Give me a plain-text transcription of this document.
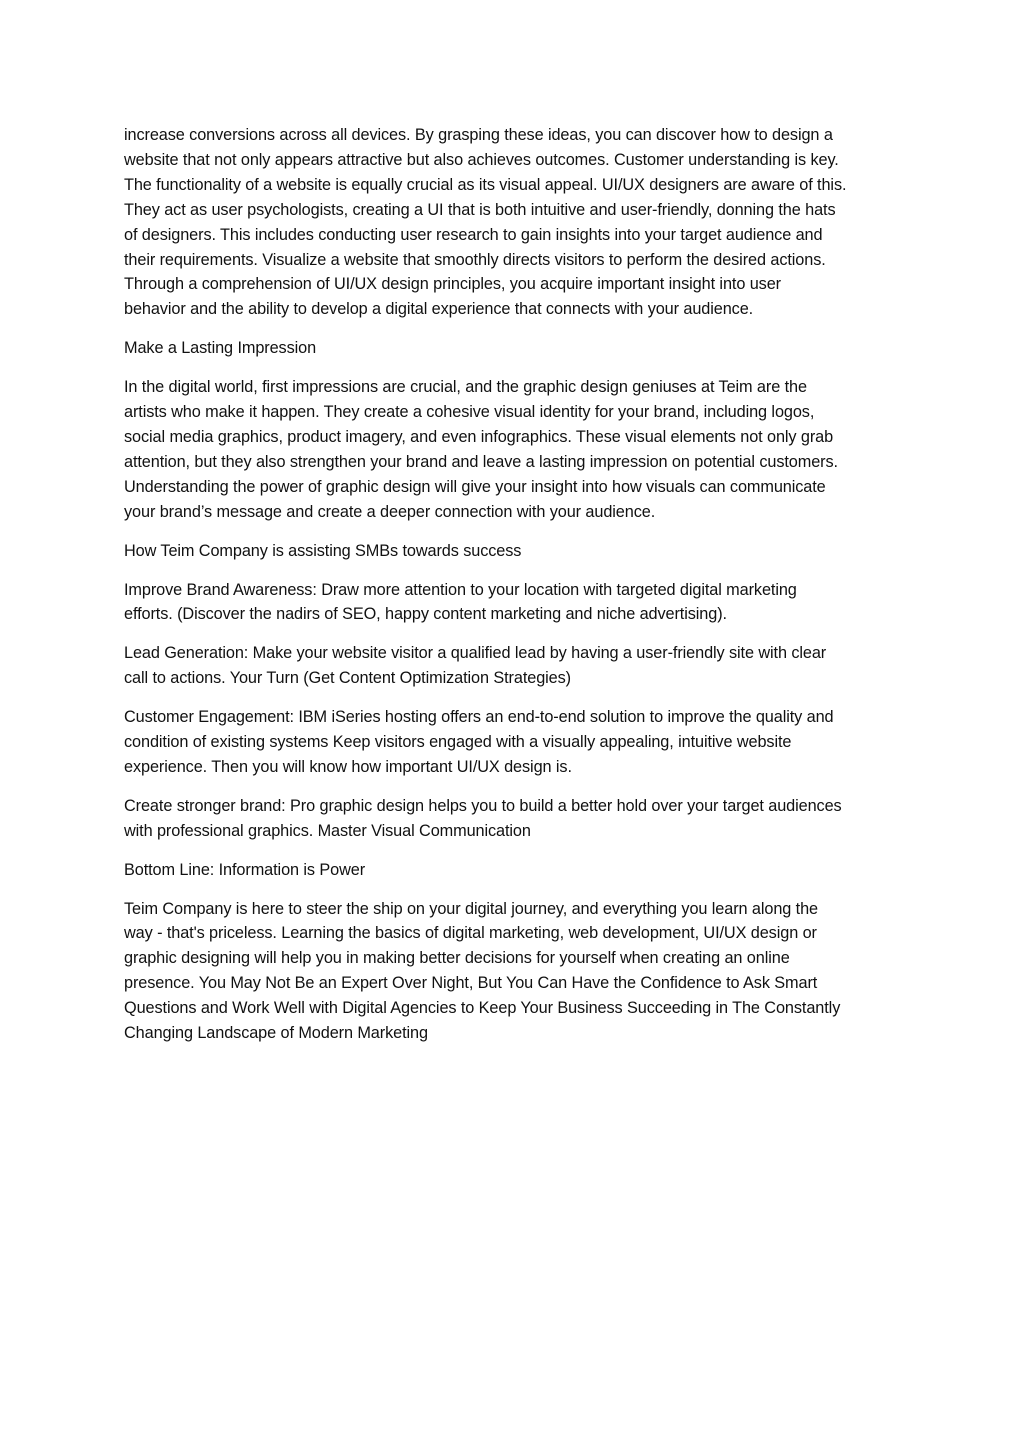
increase conversions across all devices. By grasping these ideas, you can discover how to design a
website that not only appears attractive but also achieves outcomes. Customer understanding is key.
The functionality of a website is equally crucial as its visual appeal. UI/UX designers are aware of this.
They act as user psychologists, creating a UI that is both intuitive and user-friendly, donning the hats
of designers. This includes conducting user research to gain insights into your target audience and
their requirements. Visualize a website that smoothly directs visitors to perform the desired actions.
Through a comprehension of UI/UX design principles, you acquire important insight into user
behavior and the ability to develop a digital experience that connects with your audience.

Make a Lasting Impression

In the digital world, first impressions are crucial, and the graphic design geniuses at Teim are the
artists who make it happen. They create a cohesive visual identity for your brand, including logos,
social media graphics, product imagery, and even infographics. These visual elements not only grab
attention, but they also strengthen your brand and leave a lasting impression on potential customers.
Understanding the power of graphic design will give your insight into how visuals can communicate
your brand’s message and create a deeper connection with your audience.

How Teim Company is assisting SMBs towards success

Improve Brand Awareness: Draw more attention to your location with targeted digital marketing
efforts. (Discover the nadirs of SEO, happy content marketing and niche advertising).

Lead Generation: Make your website visitor a qualified lead by having a user-friendly site with clear
call to actions. Your Turn (Get Content Optimization Strategies)

Customer Engagement: IBM iSeries hosting offers an end-to-end solution to improve the quality and
condition of existing systems Keep visitors engaged with a visually appealing, intuitive website
experience. Then you will know how important UI/UX design is.

Create stronger brand: Pro graphic design helps you to build a better hold over your target audiences
with professional graphics. Master Visual Communication

Bottom Line: Information is Power

Teim Company is here to steer the ship on your digital journey, and everything you learn along the
way - that's priceless. Learning the basics of digital marketing, web development, UI/UX design or
graphic designing will help you in making better decisions for yourself when creating an online
presence. You May Not Be an Expert Over Night, But You Can Have the Confidence to Ask Smart
Questions and Work Well with Digital Agencies to Keep Your Business Succeeding in The Constantly
Changing Landscape of Modern Marketing
